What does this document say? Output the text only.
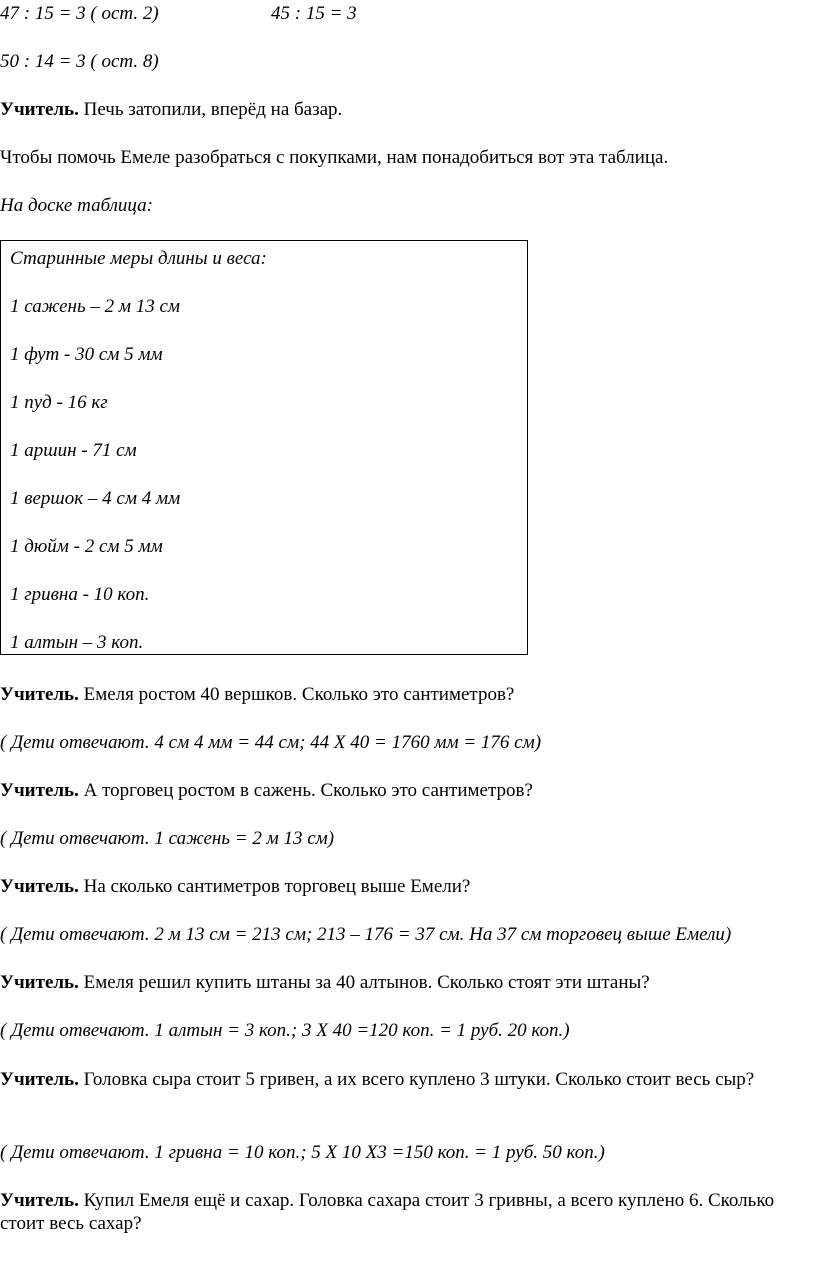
47 : 15 = 3 ( ост. 2)	45 : 15 = 3
50 : 14 = 3 ( ост. 8)
Учитель. Печь затопили, вперёд на базар.
Чтобы помочь Емеле разобраться с покупками, нам понадобиться вот эта таблица.
На доске таблица:
Старинные меры длины и веса:
1 сажень – 2 м 13 см
1 фут - 30 см 5 мм
1 пуд - 16 кг
1 аршин - 71 см
1 вершок – 4 см 4 мм
1 дюйм - 2 см 5 мм
1 гривна - 10 коп.
1 алтын – 3 коп.
Учитель. Емеля ростом 40 вершков. Сколько это сантиметров?
( Дети отвечают. 4 см 4 мм = 44 см; 44 Х 40 = 1760 мм = 176 см)
Учитель. А торговец ростом в сажень. Сколько это сантиметров?
( Дети отвечают. 1 сажень = 2 м 13 см)
Учитель. На сколько сантиметров торговец выше Емели?
( Дети отвечают. 2 м 13 см = 213 см; 213 – 176 = 37 см. На 37 см торговец выше Емели)
Учитель. Емеля решил купить штаны за 40 алтынов. Сколько стоят эти штаны?
( Дети отвечают. 1 алтын = 3 коп.; 3 Х 40 =120 коп. = 1 руб. 20 коп.)
Учитель. Головка сыра стоит 5 гривен, а их всего куплено 3 штуки. Сколько стоит весь сыр?
( Дети отвечают. 1 гривна = 10 коп.; 5 Х 10 Х3 =150 коп. = 1 руб. 50 коп.)
Учитель. Купил Емеля ещё и сахар. Головка сахара стоит 3 гривны, а всего куплено 6. Сколько стоит весь сахар?
